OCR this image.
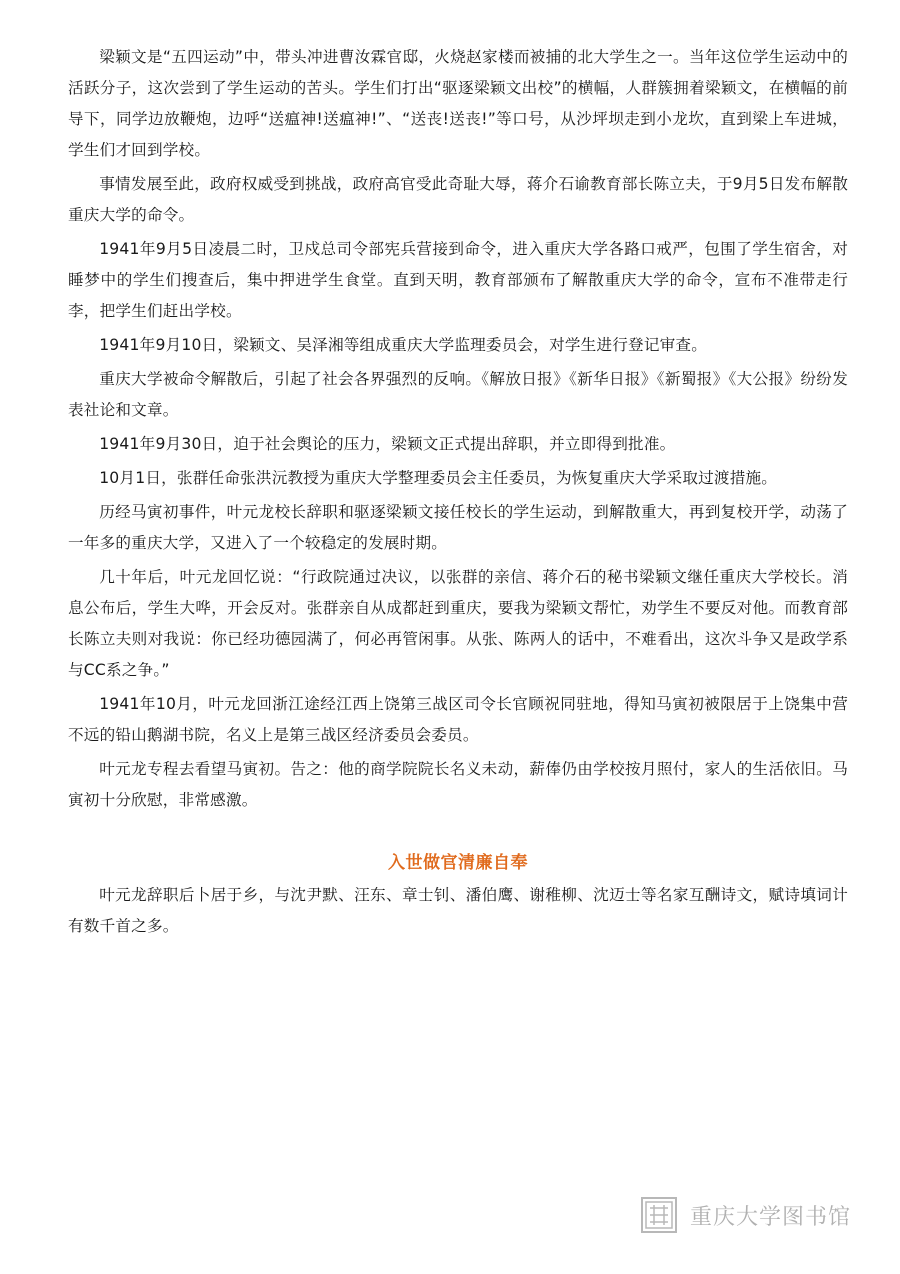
梁颖文是“五四运动”中，带头冲进曹汝霖官邸，火烧赵家楼而被捕的北大学生之一。当年这位学生运动中的活跃分子，这次尝到了学生运动的苦头。学生们打出“驱逐梁颖文出校”的横幅，人群簇拥着梁颖文，在横幅的前导下，同学边放鞭炮，边呼“送瘟神!送瘟神!”、“送丧!送丧!”等口号，从沙坪坝走到小龙坎，直到梁上车进城，学生们才回到学校。

事情发展至此，政府权威受到挑战，政府高官受此奇耻大辱，蒋介石谕教育部长陈立夫，于9月5日发布解散重庆大学的命令。

1941年9月5日凌晨二时，卫戍总司令部宪兵营接到命令，进入重庆大学各路口戒严，包围了学生宿舍，对睡梦中的学生们搜查后，集中押进学生食堂。直到天明，教育部颁布了解散重庆大学的命令，宣布不准带走行李，把学生们赶出学校。

1941年9月10日，梁颖文、吴泽湘等组成重庆大学监理委员会，对学生进行登记审查。

重庆大学被命令解散后，引起了社会各界强烈的反响。《解放日报》《新华日报》《新蜀报》《大公报》纷纷发表社论和文章。

1941年9月30日，迫于社会舆论的压力，梁颖文正式提出辞职，并立即得到批准。

10月1日，张群任命张洪沅教授为重庆大学整理委员会主任委员，为恢复重庆大学采取过渡措施。

历经马寅初事件，叶元龙校长辞职和驱逐梁颖文接任校长的学生运动，到解散重大，再到复校开学，动荡了一年多的重庆大学，又进入了一个较稳定的发展时期。

几十年后，叶元龙回忆说：“行政院通过决议，以张群的亲信、蒋介石的秘书梁颖文继任重庆大学校长。消息公布后，学生大哗，开会反对。张群亲自从成都赶到重庆，要我为梁颖文帮忙，劝学生不要反对他。而教育部长陈立夫则对我说：你已经功德园满了，何必再管闲事。从张、陈两人的话中，不难看出，这次斗争又是政学系与CC系之争。”

1941年10月，叶元龙回浙江途经江西上饶第三战区司令长官顾祝同驻地，得知马寅初被限居于上饶集中营不远的铅山鹅湖书院，名义上是第三战区经济委员会委员。

叶元龙专程去看望马寅初。告之：他的商学院院长名义未动，薪俸仍由学校按月照付，家人的生活依旧。马寅初十分欣慰，非常感激。

入世做官清廉自奉

叶元龙辞职后卜居于乡，与沈尹默、汪东、章士钊、潘伯鹰、谢稚柳、沈迈士等名家互酬诗文，赋诗填词计有数千首之多。

重庆大学图书馆
